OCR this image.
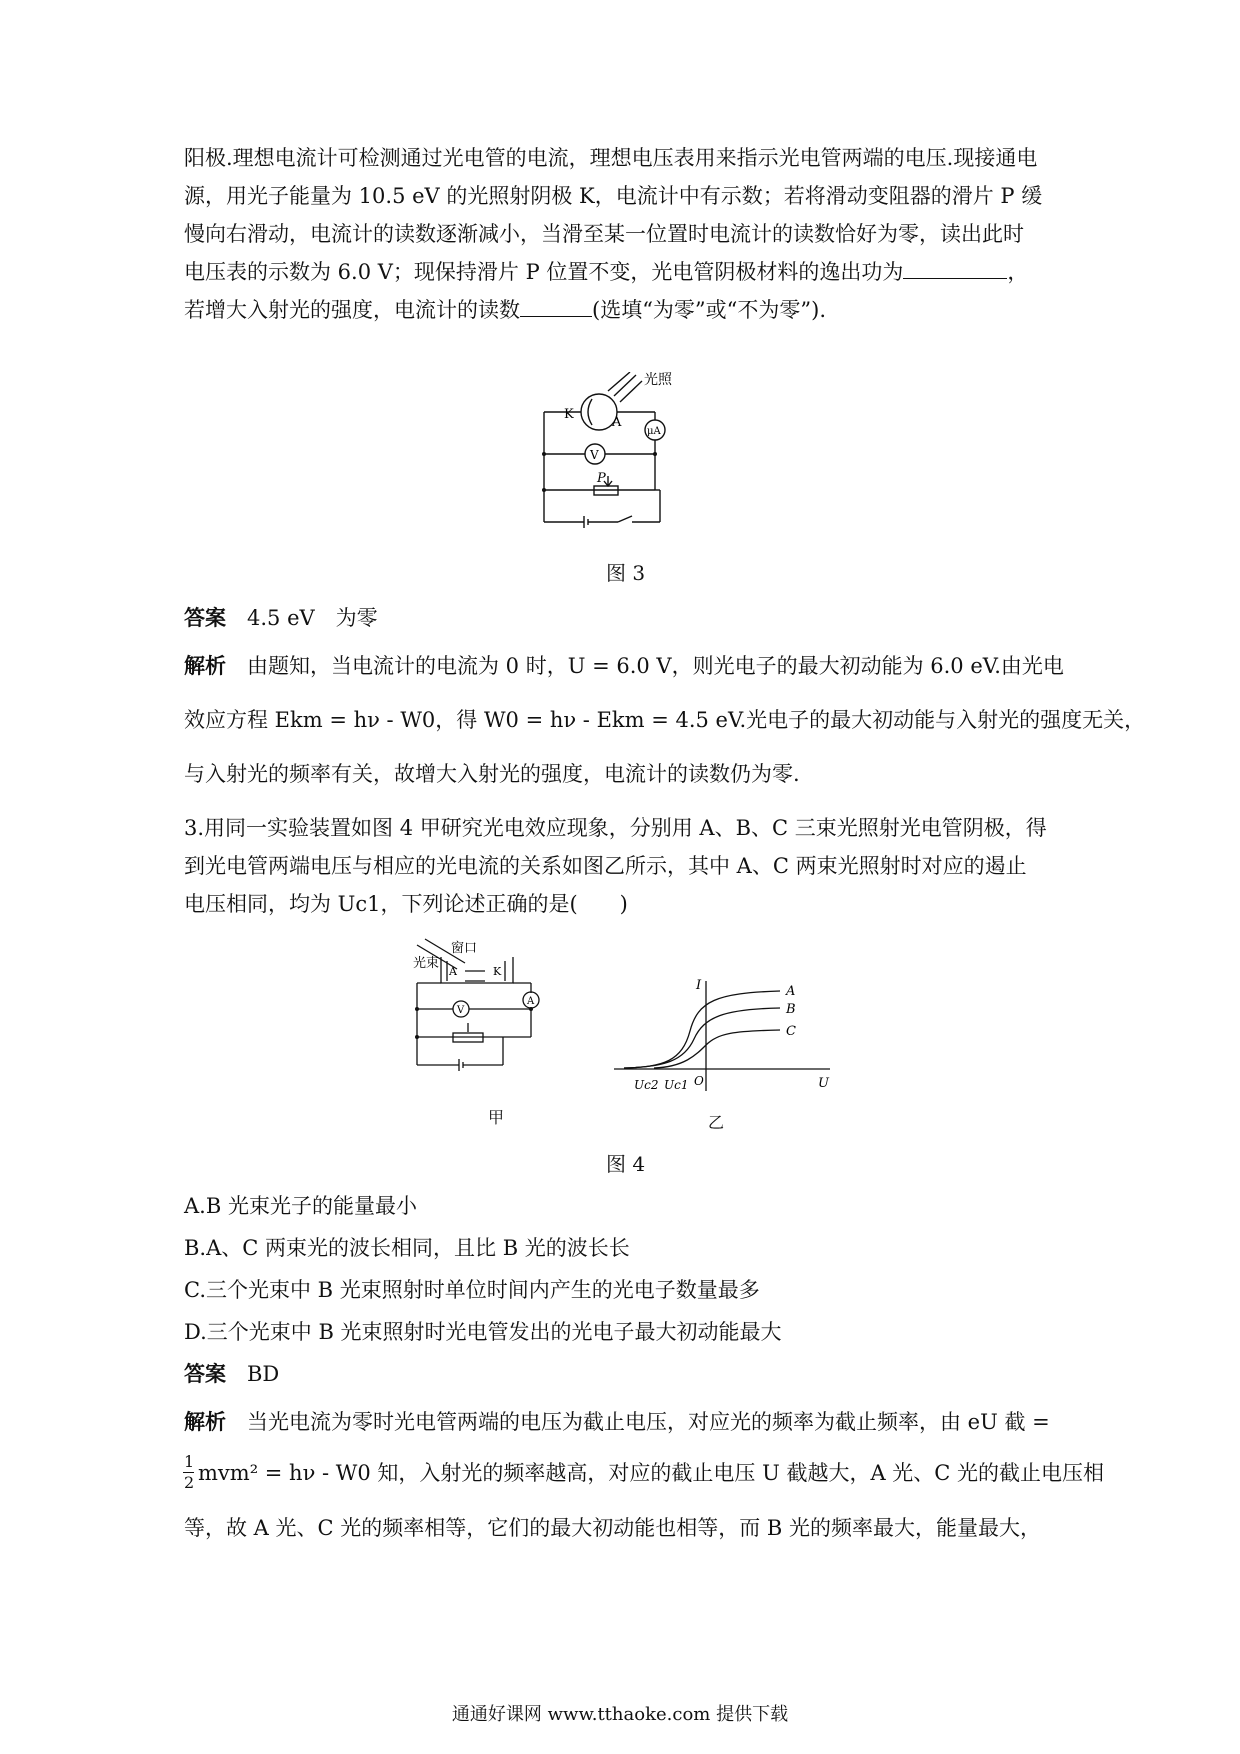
阳极.理想电流计可检测通过光电管的电流，理想电压表用来指示光电管两端的电压.现接通电
源，用光子能量为 10.5 eV 的光照射阴极 K，电流计中有示数；若将滑动变阻器的滑片 P 缓
慢向右滑动，电流计的读数逐渐减小，当滑至某一位置时电流计的读数恰好为零，读出此时
电压表的示数为 6.0 V；现保持滑片 P 位置不变，光电管阴极材料的逸出功为	，
若增大入射光的强度，电流计的读数	(选填“为零”或“不为零”).
光照
K
A
μA
V
P
图 3
答案　 4.5 eV　为零
解析　 由题知，当电流计的电流为 0 时，U = 6.0 V，则光电子的最大初动能为 6.0 eV.由光电
效应方程 Ekm = hν - W0，得 W0 = hν - Ekm = 4.5 eV.光电子的最大初动能与入射光的强度无关，
与入射光的频率有关，故增大入射光的强度，电流计的读数仍为零.
3.用同一实验装置如图 4 甲研究光电效应现象，分别用 A、B、C 三束光照射光电管阴极，得
到光电管两端电压与相应的光电流的关系如图乙所示，其中 A、C 两束光照射时对应的遏止
电压相同，均为 Uc1，下列论述正确的是(　　)
窗口
光束
A	K
V
A
甲
I
U
O
Uc2 Uc1
A
B
C
乙
图 4
A.B 光束光子的能量最小
B.A、C 两束光的波长相同，且比 B 光的波长长
C.三个光束中 B 光束照射时单位时间内产生的光电子数量最多
D.三个光束中 B 光束照射时光电管发出的光电子最大初动能最大
答案　 BD
解析　 当光电流为零时光电管两端的电压为截止电压，对应光的频率为截止频率，由 eU 截 =
1
2 mvm² = hν - W0 知，入射光的频率越高，对应的截止电压 U 截越大，A 光、C 光的截止电压相
等，故 A 光、C 光的频率相等，它们的最大初动能也相等，而 B 光的频率最大，能量最大，
通通好课网 www.tthaoke.com 提供下载
